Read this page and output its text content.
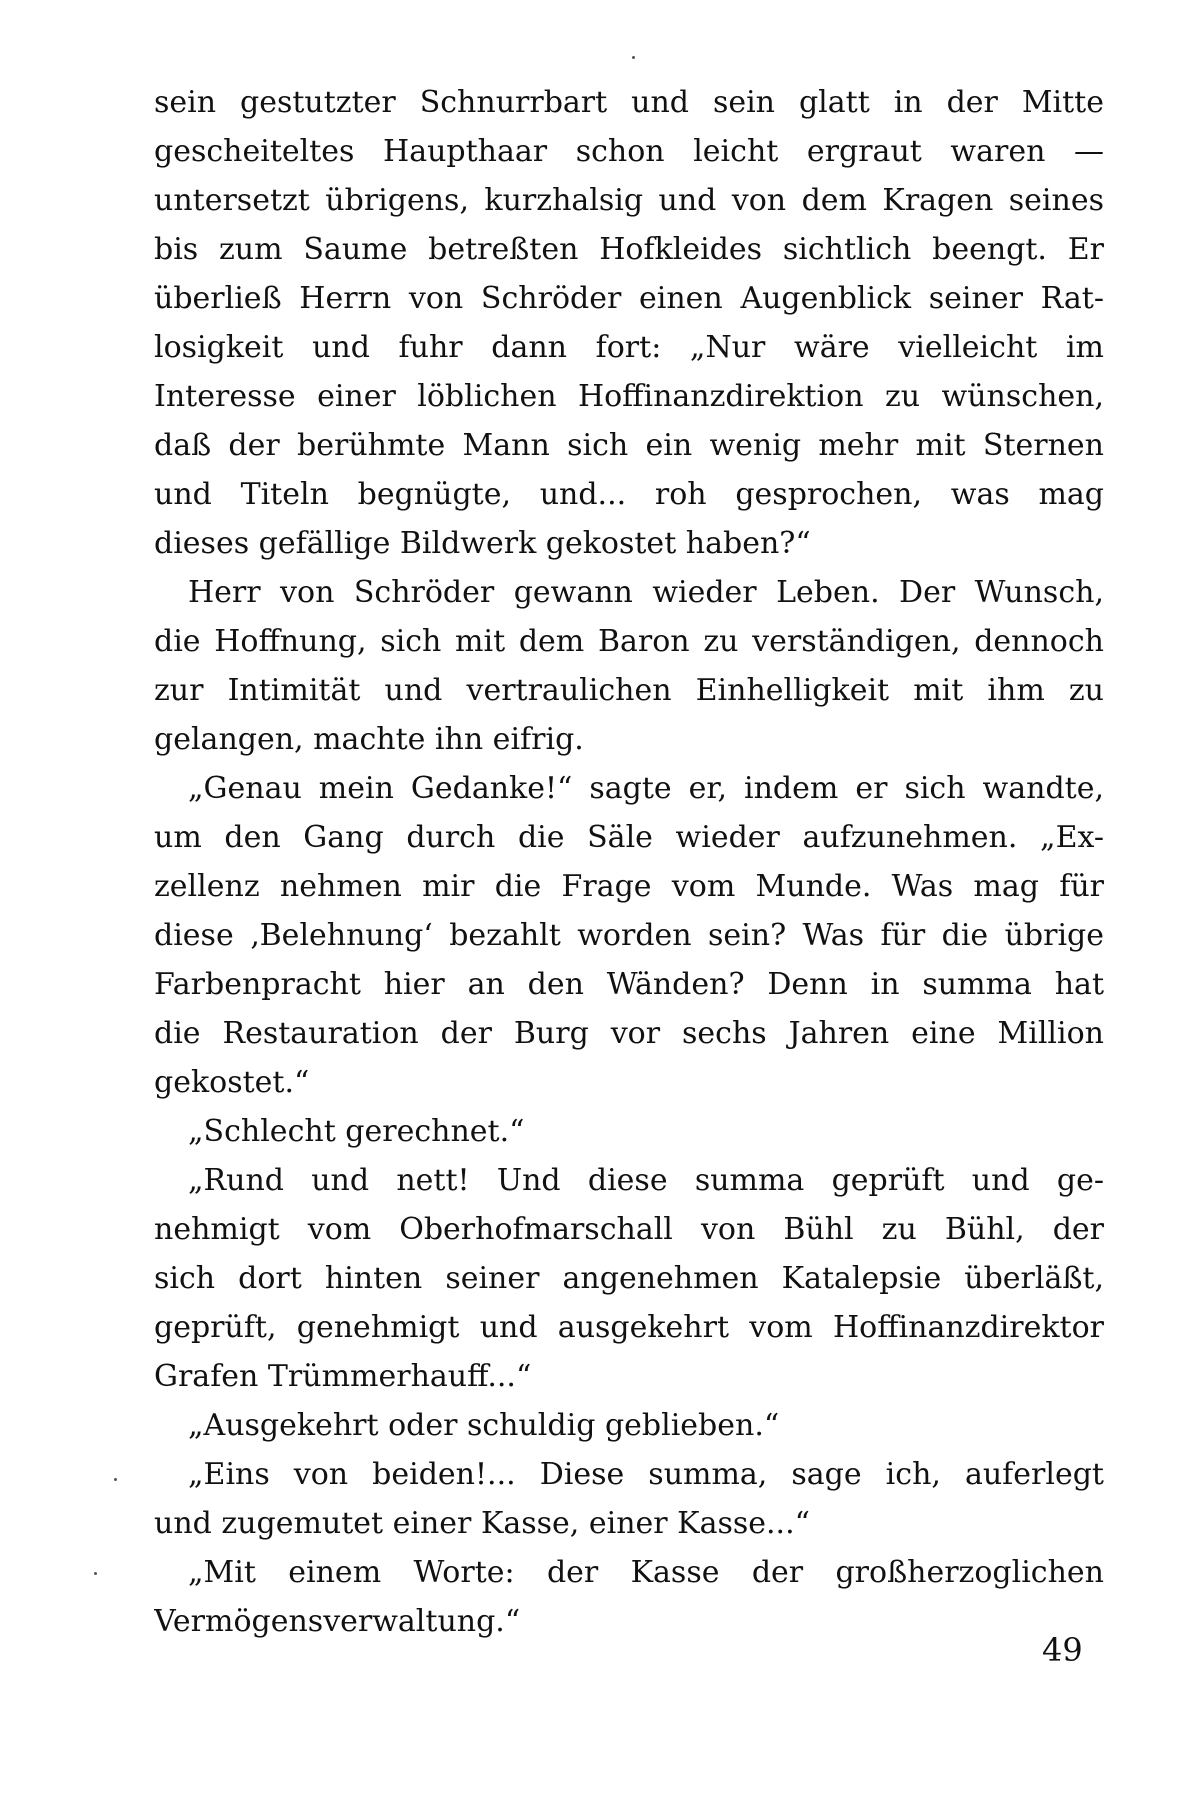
sein gestutzter Schnurrbart und sein glatt in der Mitte
gescheiteltes Haupthaar schon leicht ergraut waren —
untersetzt übrigens, kurzhalsig und von dem Kragen seines
bis zum Saume betreßten Hofkleides sichtlich beengt. Er
überließ Herrn von Schröder einen Augenblick seiner Rat-
losigkeit und fuhr dann fort: „Nur wäre vielleicht im
Interesse einer löblichen Hoffinanzdirektion zu wünschen,
daß der berühmte Mann sich ein wenig mehr mit Sternen
und Titeln begnügte, und... roh gesprochen, was mag
dieses gefällige Bildwerk gekostet haben?“
Herr von Schröder gewann wieder Leben. Der Wunsch,
die Hoffnung, sich mit dem Baron zu verständigen, dennoch
zur Intimität und vertraulichen Einhelligkeit mit ihm zu
gelangen, machte ihn eifrig.
„Genau mein Gedanke!“ sagte er, indem er sich wandte,
um den Gang durch die Säle wieder aufzunehmen. „Ex-
zellenz nehmen mir die Frage vom Munde. Was mag für
diese ‚Belehnung‘ bezahlt worden sein? Was für die übrige
Farbenpracht hier an den Wänden? Denn in summa hat
die Restauration der Burg vor sechs Jahren eine Million
gekostet.“
„Schlecht gerechnet.“
„Rund und nett! Und diese summa geprüft und ge-
nehmigt vom Oberhofmarschall von Bühl zu Bühl, der
sich dort hinten seiner angenehmen Katalepsie überläßt,
geprüft, genehmigt und ausgekehrt vom Hoffinanzdirektor
Grafen Trümmerhauff...“
„Ausgekehrt oder schuldig geblieben.“
„Eins von beiden!... Diese summa, sage ich, auferlegt
und zugemutet einer Kasse, einer Kasse...“
„Mit einem Worte: der Kasse der großherzoglichen
Vermögensverwaltung.“
49
